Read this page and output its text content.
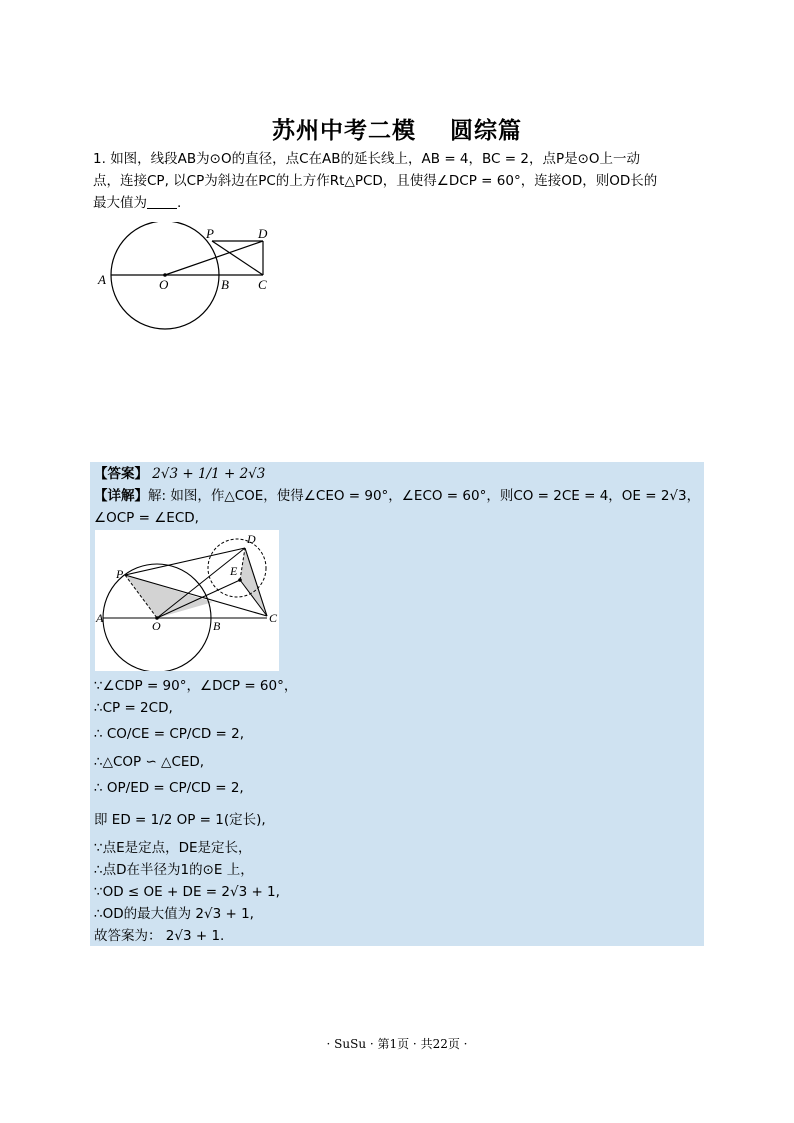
苏州中考二模 圆综篇
1. 如图，线段AB为⊙O的直径，点C在AB的延长线上，AB = 4，BC = 2，点P是⊙O上一动
点，连接CP, 以CP为斜边在PC的上方作Rt△PCD，且使得∠DCP = 60°，连接OD，则OD长的
最大值为 .
A	O	B C
P	D
【答案】 2√3 + 1/1 + 2√3
【详解】解: 如图，作△COE，使得∠CEO = 90°，∠ECO = 60°，则CO = 2CE = 4，OE = 2√3，
∠OCP = ∠ECD,
A
O	B
C
P
D
E
∵∠CDP = 90°，∠DCP = 60°，
∴CP = 2CD,
∴ CO/CE = CP/CD = 2,
∴△COP ∽ △CED,
∴ OP/ED = CP/CD = 2,
即 ED = 1/2 OP = 1(定长),
∵点E是定点，DE是定长，
∴点D在半径为1的⊙E 上，
∵OD ≤ OE + DE = 2√3 + 1,
∴OD的最大值为 2√3 + 1,
故答案为： 2√3 + 1.
· SuSu · 第1页 · 共22页 ·
